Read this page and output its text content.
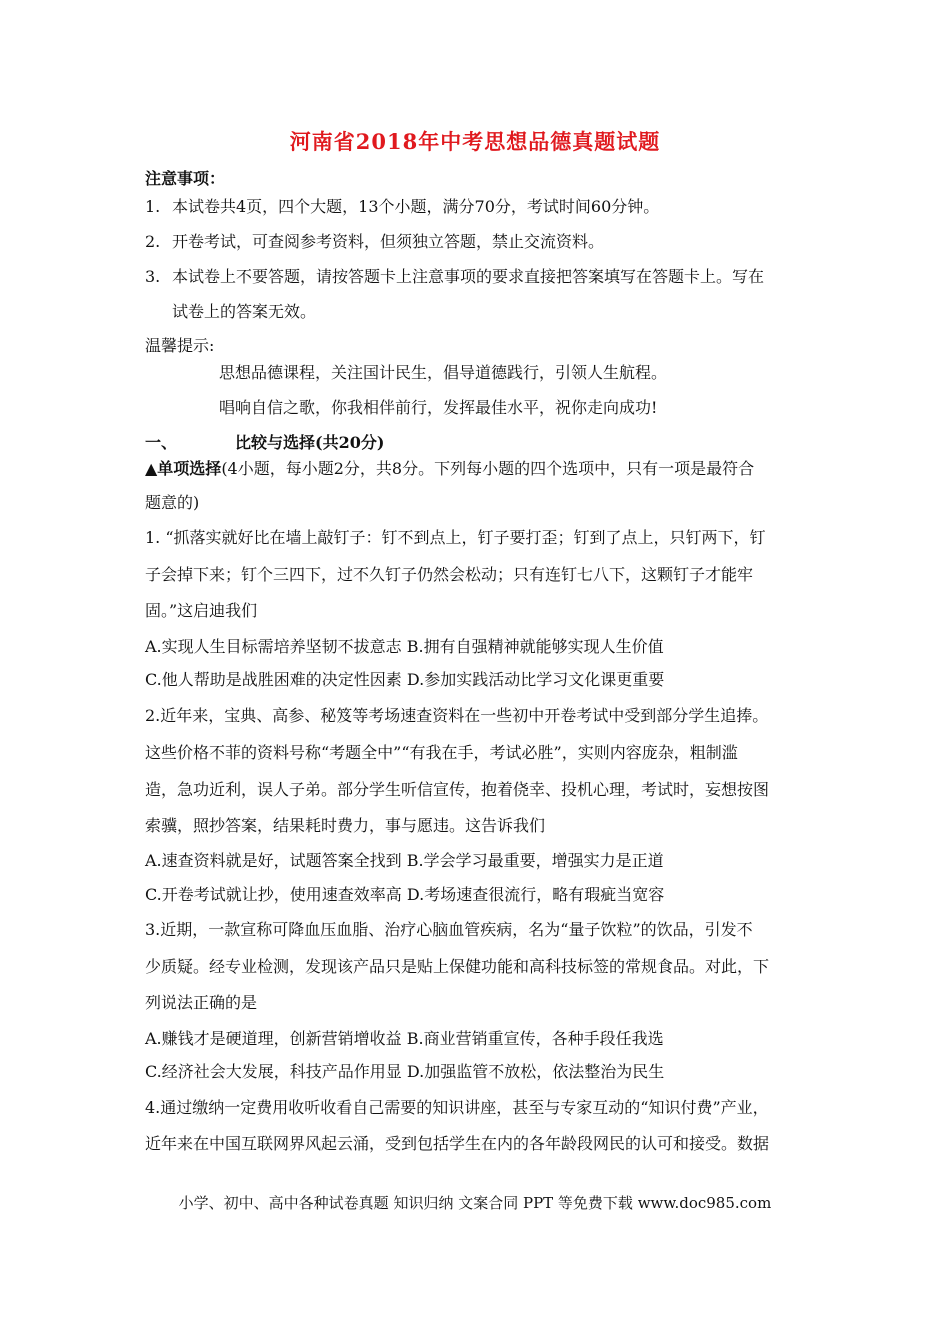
河南省2018年中考思想品德真题试题
注意事项：
1. 本试卷共4页，四个大题，13个小题，满分70分，考试时间60分钟。
2. 开卷考试，可查阅参考资料，但须独立答题，禁止交流资料。
3. 本试卷上不要答题，请按答题卡上注意事项的要求直接把答案填写在答题卡上。写在
试卷上的答案无效。
温馨提示:
思想品德课程，关注国计民生，倡导道德践行，引领人生航程。
唱响自信之歌，你我相伴前行，发挥最佳水平，祝你走向成功!
一、	比较与选择(共20分)
▲单项选择(4小题，每小题2分，共8分。下列每小题的四个选项中，只有一项是最符合
题意的)
1. “抓落实就好比在墙上敲钉子：钉不到点上，钉子要打歪；钉到了点上，只钉两下，钉
子会掉下来；钉个三四下，过不久钉子仍然会松动；只有连钉七八下，这颗钉子才能牢
固。”这启迪我们
A.实现人生目标需培养坚韧不拔意志 B.拥有自强精神就能够实现人生价值
C.他人帮助是战胜困难的决定性因素 D.参加实践活动比学习文化课更重要
2.近年来，宝典、高参、秘笈等考场速查资料在一些初中开卷考试中受到部分学生追捧。
这些价格不菲的资料号称“考题全中”“有我在手，考试必胜”，实则内容庞杂，粗制滥
造，急功近利，误人子弟。部分学生听信宣传，抱着侥幸、投机心理，考试时，妄想按图
索骥，照抄答案，结果耗时费力，事与愿违。这告诉我们
A.速查资料就是好，试题答案全找到 B.学会学习最重要，增强实力是正道
C.开卷考试就让抄，使用速查效率高 D.考场速查很流行，略有瑕疵当宽容
3.近期，一款宣称可降血压血脂、治疗心脑血管疾病，名为“量子饮粒”的饮品，引发不
少质疑。经专业检测，发现该产品只是贴上保健功能和高科技标签的常规食品。对此，下
列说法正确的是
A.赚钱才是硬道理，创新营销增收益 B.商业营销重宣传，各种手段任我选
C.经济社会大发展，科技产品作用显 D.加强监管不放松，依法整治为民生
4.通过缴纳一定费用收听收看自己需要的知识讲座，甚至与专家互动的“知识付费”产业，
近年来在中国互联网界风起云涌，受到包括学生在内的各年龄段网民的认可和接受。数据
小学、初中、高中各种试卷真题 知识归纳 文案合同 PPT 等免费下载 www.doc985.com
